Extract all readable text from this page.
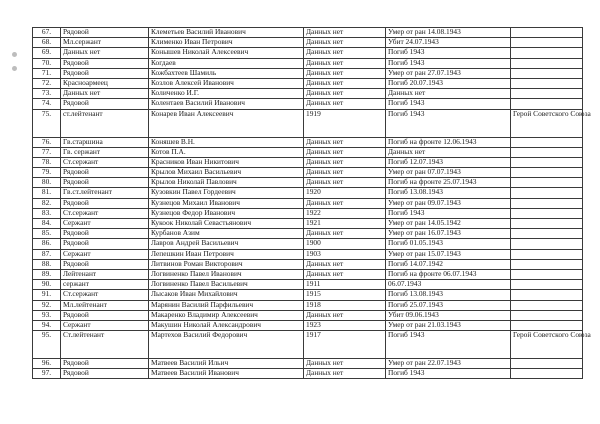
67.	Рядовой	Клеметьев Василий Иванович	Данных нет	Умер от ран 14.08.1943	
68.	Мл.сержант	Клименко Иван Петрович	Данных нет	Убит 24.07.1943	
69.	Данных нет	Конышев Николай Алексеевич	Данных нет	Погиб 1943	
70.	Рядовой	Когдаев	Данных нет	Погиб 1943	
71.	Рядовой	Кожбахтеев Шамиль	Данных нет	Умер от ран 27.07.1943	
72.	Красноармеец	Козлов Алексей Иванович	Данных нет	Погиб 20.07.1943	
73.	Данных нет	Количенко И.Г.	Данных нет	Данных нет	
74.	Рядовой	Колентаев Василий Иванович	Данных нет	Погиб 1943	
75.	ст.лейтенант	Конарев Иван Алексеевич	1919	Погиб 1943	Герой Советского Союза
76.	Гв.старшина	Коняшев В.Н.	Данных нет	Погиб на фронте 12.06.1943	
77.	Гв. сержант	Котов П.А.	Данных нет	Данных нет	
78.	Ст.сержант	Красников Иван Никитович	Данных нет	Погиб 12.07.1943	
79.	Рядовой	Крылов Михаил Васильевич	Данных нет	Умер от ран 07.07.1943	
80.	Рядовой	Крылов Николай Павлович	Данных нет	Погиб на фронте 25.07.1943	
81.	Гв.ст.лейтенант	Кузовкин Павел Гордеевич	1920	Погиб 13.08.1943	
82.	Рядовой	Кузнецов Михаил Иванович	Данных нет	Умер от ран 09.07.1943	
83.	Ст.сержант	Кузнецов Федор Иванович	1922	Погиб 1943	
84.	Сержант	Кукоок Николай Севастьянович	1921	Умер от ран 14.05.1942	
85.	Рядовой	Курбанов Азим	Данных нет	Умер от ран 16.07.1943	
86.	Рядовой	Лавров Андрей Васильевич	1900	Погиб 01.05.1943	
87.	Сержант	Лепешкин Иван Петрович	1903	Умер от ран 15.07.1943	
88.	Рядовой	Литвинов Роман Викторович	Данных нет	Погиб 14.07.1942	
89.	Лейтенант	Логвиненко Павел Иванович	Данных нет	Погиб на фронте 06.07.1943	
90.	сержант	Логвиненко Павел Васильевич	1911	06.07.1943	
91.	Ст.сержант	Лысаков Иван Михайлович	1915	Погиб 13.08.1943	
92.	Мл.лейтенант	Марянин Василий Парфильевич	1918	Погиб 25.07.1943	
93.	Рядовой	Макаренко Владимир Алексеевич	Данных нет	Убит 09.06.1943	
94.	Сержант	Макушин Николай Александрович	1923	Умер от ран 21.03.1943	
95.	Ст.лейтенант	Мартехов Василий Федорович	1917	Погиб 1943	Герой Советского Союза
96.	Рядовой	Матвеев Василий Ильич	Данных нет	Умер от ран 22.07.1943	
97.	Рядовой	Матвеев Василий Иванович	Данных нет	Погиб 1943	
